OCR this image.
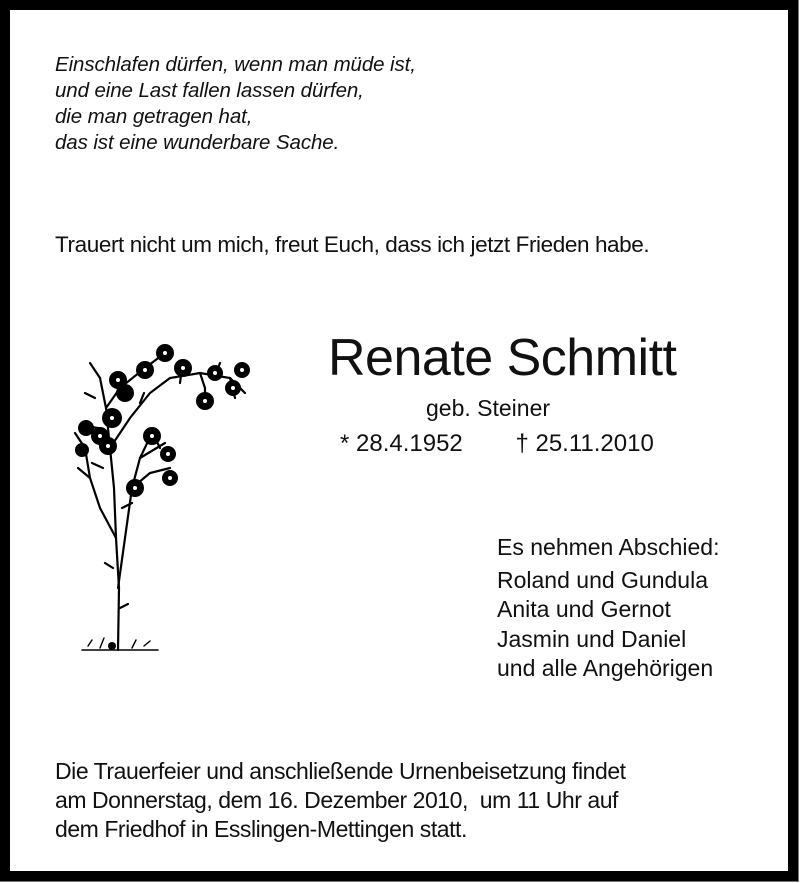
Einschlafen dürfen, wenn man müde ist,
und eine Last fallen lassen dürfen,
die man getragen hat,
das ist eine wunderbare Sache.
Trauert nicht um mich, freut Euch, dass ich jetzt Frieden habe.
Renate Schmitt
geb. Steiner
* 28.4.1952 † 25.11.2010
Es nehmen Abschied:
Roland und Gundula
Anita und Gernot
Jasmin und Daniel
und alle Angehörigen
Die Trauerfeier und anschließende Urnenbeisetzung findet
am Donnerstag, dem 16. Dezember 2010,  um 11 Uhr auf
dem Friedhof in Esslingen-Mettingen statt.
